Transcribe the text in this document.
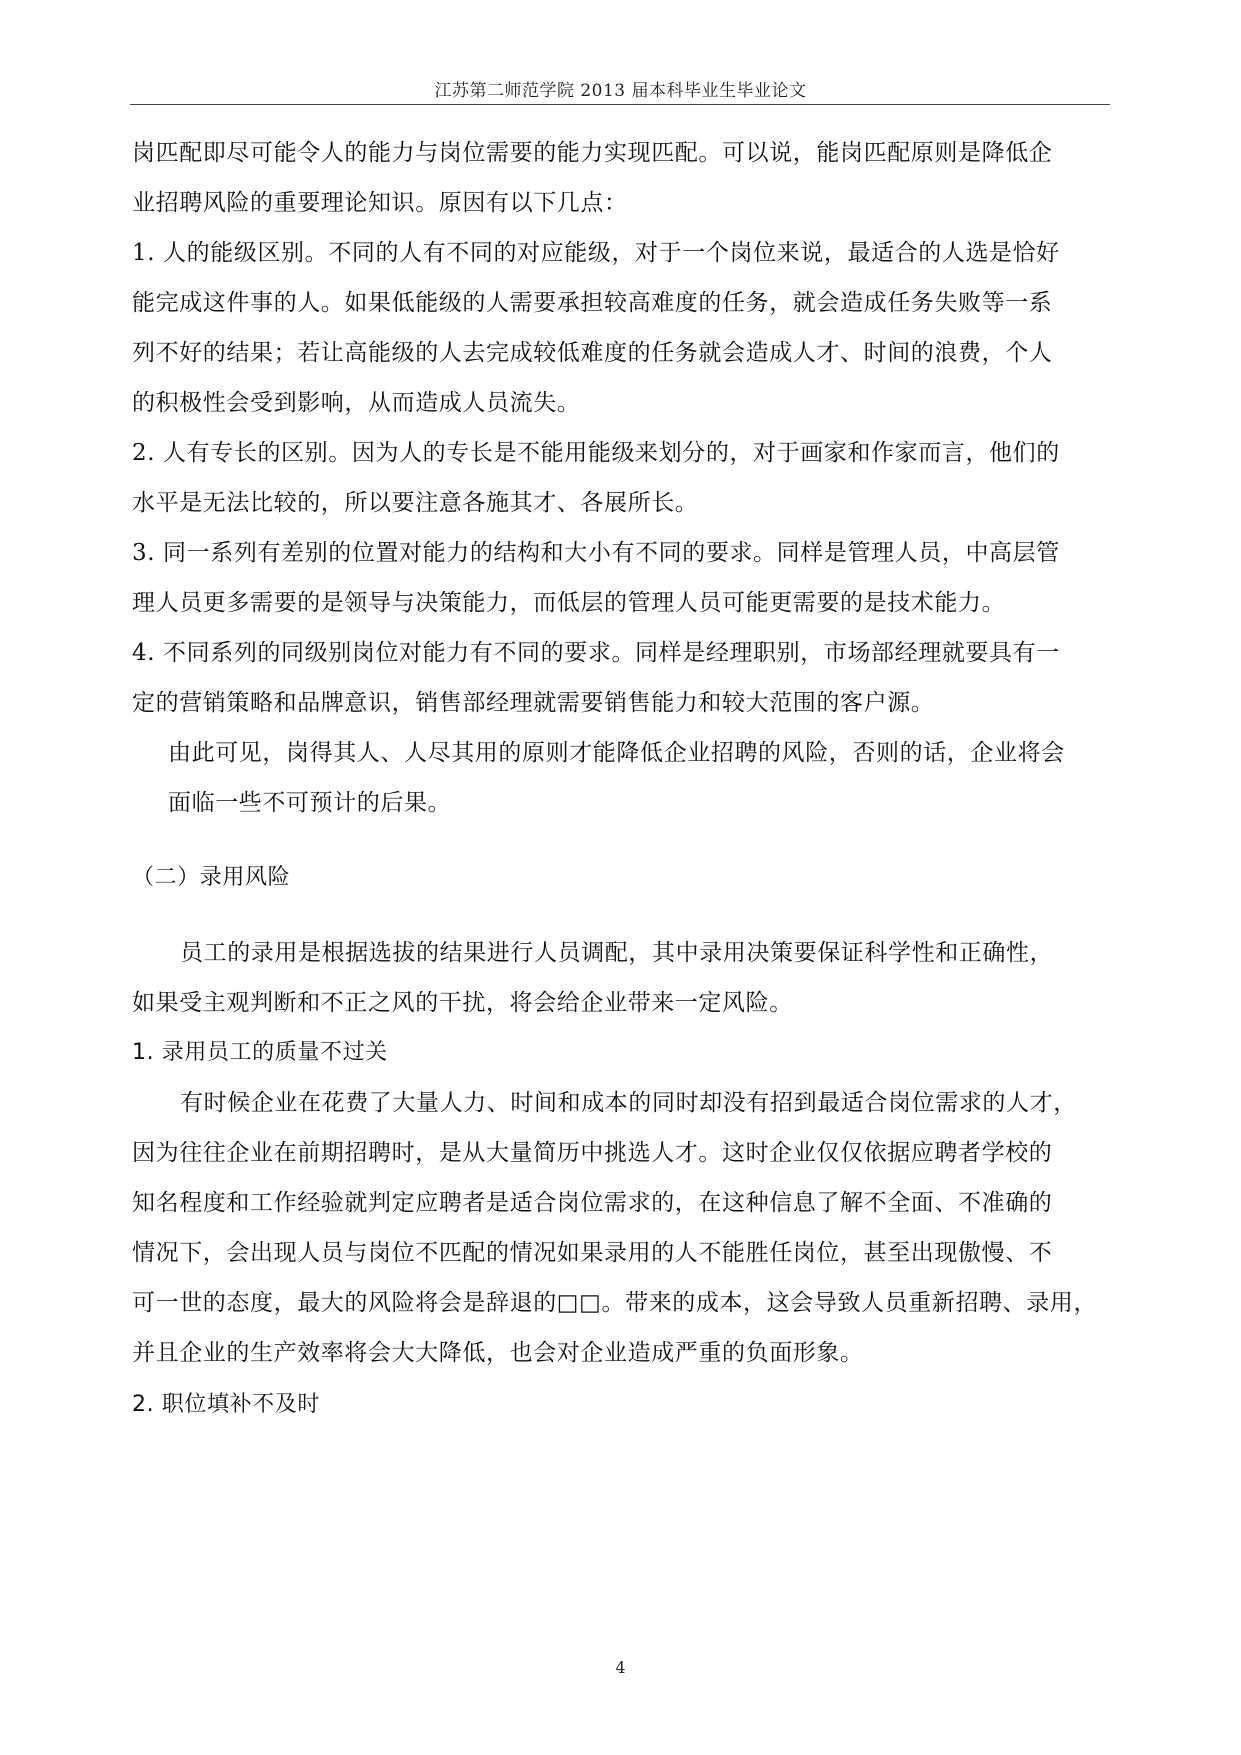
江苏第二师范学院 2013 届本科毕业生毕业论文
岗匹配即尽可能令人的能力与岗位需要的能力实现匹配。可以说，能岗匹配原则是降低企
业招聘风险的重要理论知识。原因有以下几点：
1. 人的能级区别。不同的人有不同的对应能级，对于一个岗位来说，最适合的人选是恰好
能完成这件事的人。如果低能级的人需要承担较高难度的任务，就会造成任务失败等一系
列不好的结果；若让高能级的人去完成较低难度的任务就会造成人才、时间的浪费，个人
的积极性会受到影响，从而造成人员流失。
2. 人有专长的区别。因为人的专长是不能用能级来划分的，对于画家和作家而言，他们的
水平是无法比较的，所以要注意各施其才、各展所长。
3. 同一系列有差别的位置对能力的结构和大小有不同的要求。同样是管理人员，中高层管
理人员更多需要的是领导与决策能力，而低层的管理人员可能更需要的是技术能力。
4. 不同系列的同级别岗位对能力有不同的要求。同样是经理职别，市场部经理就要具有一
定的营销策略和品牌意识，销售部经理就需要销售能力和较大范围的客户源。
由此可见，岗得其人、人尽其用的原则才能降低企业招聘的风险，否则的话，企业将会
面临一些不可预计的后果。
（二）录用风险
员工的录用是根据选拔的结果进行人员调配，其中录用决策要保证科学性和正确性，
如果受主观判断和不正之风的干扰，将会给企业带来一定风险。
1. 录用员工的质量不过关
有时候企业在花费了大量人力、时间和成本的同时却没有招到最适合岗位需求的人才，
因为往往企业在前期招聘时，是从大量简历中挑选人才。这时企业仅仅依据应聘者学校的
知名程度和工作经验就判定应聘者是适合岗位需求的，在这种信息了解不全面、不准确的
情况下，会出现人员与岗位不匹配的情况如果录用的人不能胜任岗位，甚至出现傲慢、不
可一世的态度，最大的风险将会是辞退的□□。带来的成本，这会导致人员重新招聘、录用，
并且企业的生产效率将会大大降低，也会对企业造成严重的负面形象。
2. 职位填补不及时
4
